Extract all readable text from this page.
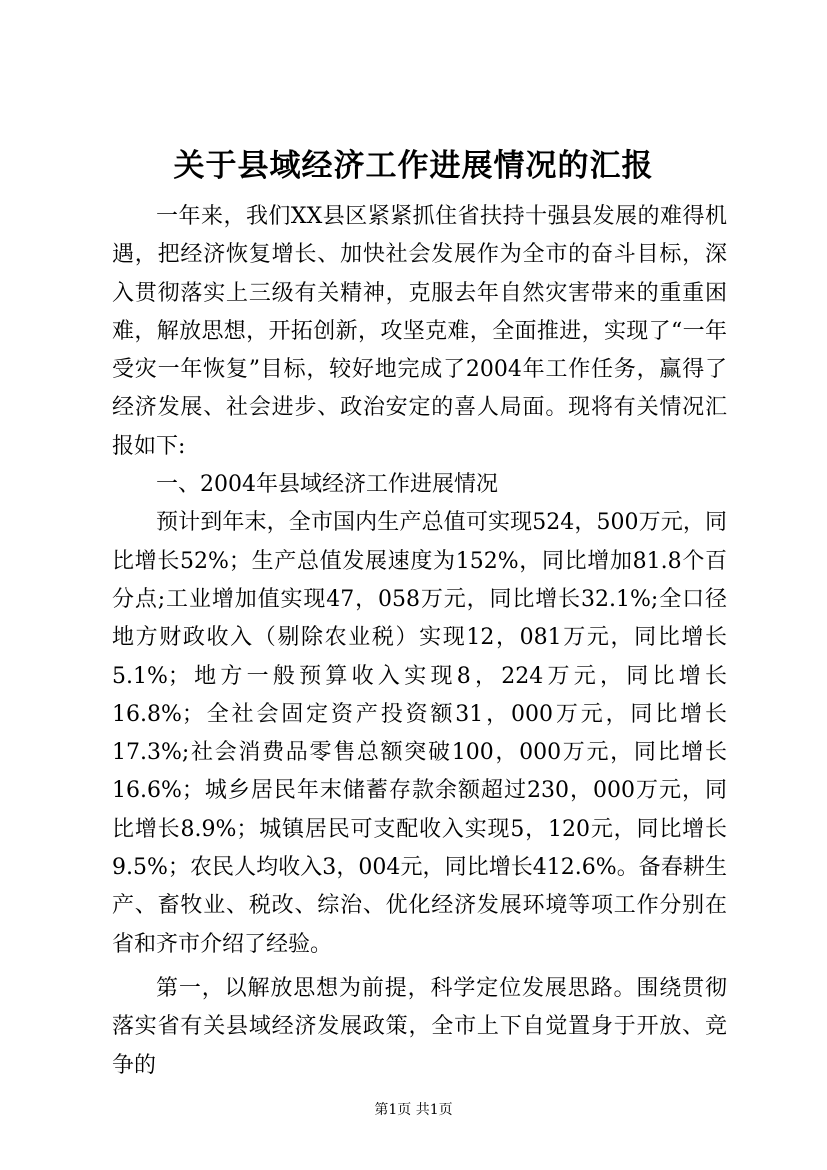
关于县域经济工作进展情况的汇报

一年来，我们XX县区紧紧抓住省扶持十强县发展的难得机遇，把经济恢复增长、加快社会发展作为全市的奋斗目标，深入贯彻落实上三级有关精神，克服去年自然灾害带来的重重困难，解放思想，开拓创新，攻坚克难，全面推进，实现了“一年受灾一年恢复”目标，较好地完成了2004年工作任务，赢得了经济发展、社会进步、政治安定的喜人局面。现将有关情况汇报如下:

一、2004年县域经济工作进展情况

预计到年末，全市国内生产总值可实现524，500万元，同比增长52%；生产总值发展速度为152%，同比增加81.8个百分点;工业增加值实现47，058万元，同比增长32.1%;全口径地方财政收入（剔除农业税）实现12，081万元，同比增长5.1%；地方一般预算收入实现8，224万元，同比增长16.8%；全社会固定资产投资额31，000万元，同比增长17.3%;社会消费品零售总额突破100，000万元，同比增长16.6%；城乡居民年末储蓄存款余额超过230，000万元，同比增长8.9%；城镇居民可支配收入实现5，120元，同比增长9.5%；农民人均收入3，004元，同比增长412.6%。备春耕生产、畜牧业、税改、综治、优化经济发展环境等项工作分别在省和齐市介绍了经验。

第一，以解放思想为前提，科学定位发展思路。围绕贯彻落实省有关县域经济发展政策，全市上下自觉置身于开放、竞争的

第1页 共1页
